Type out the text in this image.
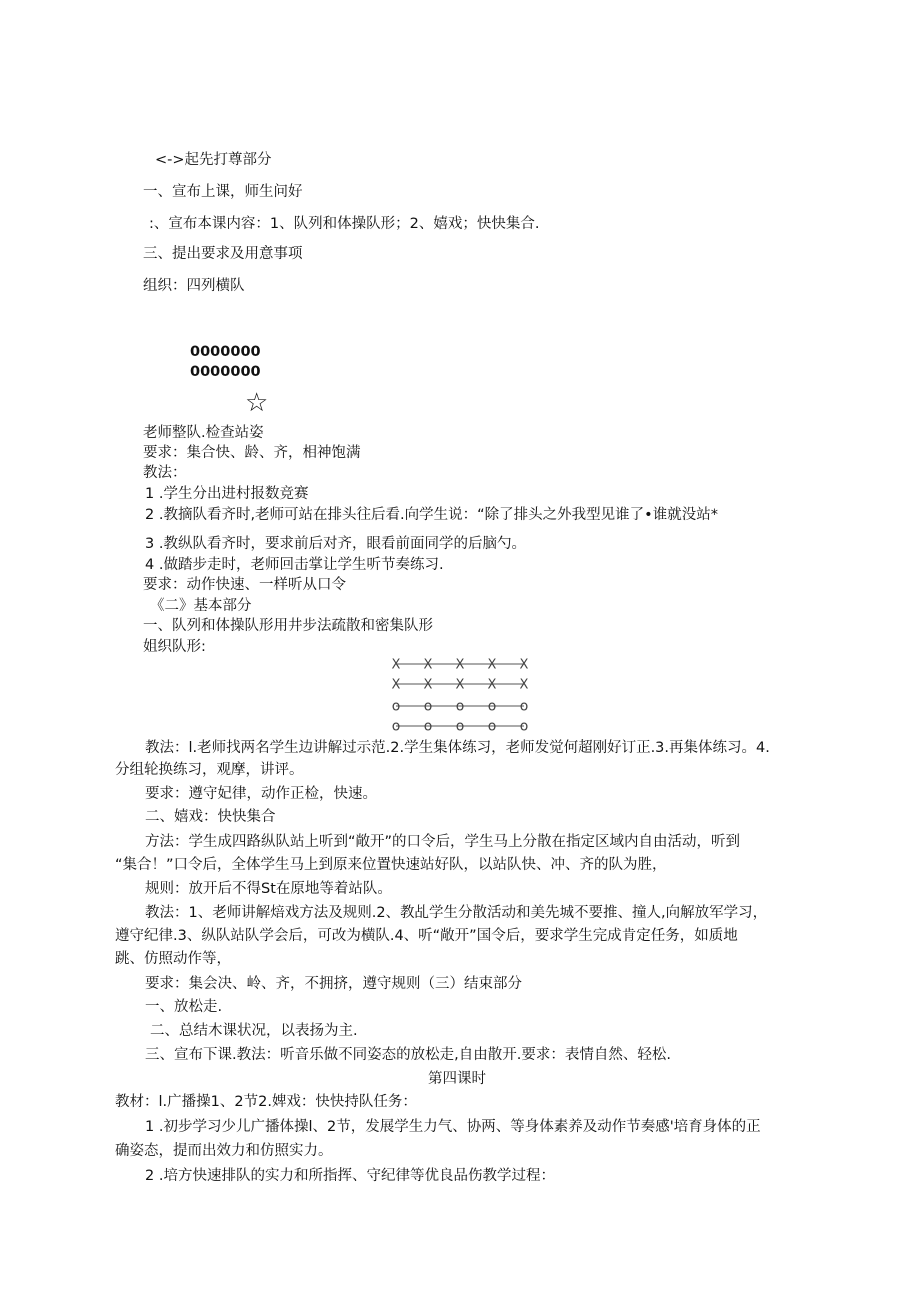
<->起先打尊部分
一、宣布上课，师生问好
:、宣布本课内容：1、队列和体操队形；2、嬉戏；快快集合.
三、提出要求及用意事项
组织：四列横队
0000000
0000000
☆
老师整队.检查站姿
要求：集合快、龄、齐，相神饱满
教法：
1 .学生分出进村报数竞赛
2 .教摘队看齐时,老师可站在排头往后看.向学生说：“除了排头之外我型见谁了•谁就没站*
3 .教纵队看齐时，要求前后对齐，眼看前面同学的后脑勺。
4 .做踏步走时，老师回击掌让学生听节奏练习.
要求：动作快速、一样听从口令
《二》基本部分
一、队列和体操队形用井步法疏散和密集队形
姐织队形:
X X X X X
X X X X X
o o o o o
o o o o o
教法：l.老师找两名学生边讲解过示范.2.学生集体练习，老师发觉何超刚好订正.3.再集体练习。4.
分组轮换练习，观摩，讲评。
要求：遵守妃律，动作正检，快速。
二、嬉戏：快快集合
方法：学生成四路纵队站上听到“敞开”的口令后，学生马上分散在指定区域内自由活动，听到
“集合！”口令后，全体学生马上到原来位置快速站好队，以站队快、冲、齐的队为胜，
规则：放开后不得St在原地等着站队。
教法：1、老师讲解焙戏方法及规则.2、教乩学生分散活动和美先城不要推、撞人,向解放军学习，
遵守纪律.3、纵队站队学会后，可改为横队.4、听“敞开”国令后，要求学生完成肯定任务，如质地
跳、仿照动作等，
要求：集会决、岭、齐，不拥挤，遵守规则（三）结束部分
一、放松走.
二、总结木课状况，以表扬为主.
三、宣布下课.教法：听音乐做不同姿态的放松走,自由散开.要求：表情自然、轻松.
第四课时
教材：l.广播操1、2节2.婢戏：快快持队任务：
1 .初步学习少儿广播体操l、2节，发展学生力气、协两、等身体素养及动作节奏感'培育身体的正
确姿态，提而出效力和仿照实力。
2 .培方快速排队的实力和所指挥、守纪律等优良品伤教学过程：
